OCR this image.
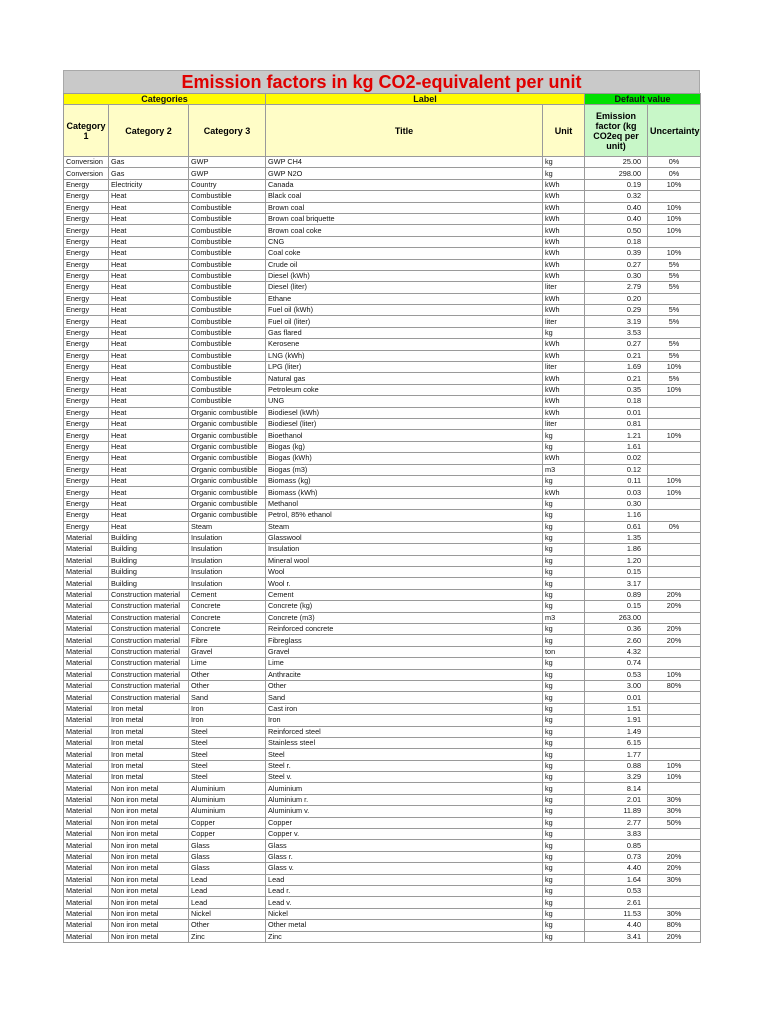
Emission factors in kg CO2-equivalent per unit
Categories			Label		Default value	
Category 1	Category 2	Category 3	Title	Unit	Emission factor (kg CO2eq per unit)	Uncertainty
Conversion	Gas	GWP	GWP CH4	kg	25.00	0%
Conversion	Gas	GWP	GWP N2O	kg	298.00	0%
Energy	Electricity	Country	Canada	kWh	0.19	10%
Energy	Heat	Combustible	Black coal	kWh	0.32	
Energy	Heat	Combustible	Brown coal	kWh	0.40	10%
Energy	Heat	Combustible	Brown coal briquette	kWh	0.40	10%
Energy	Heat	Combustible	Brown coal coke	kWh	0.50	10%
Energy	Heat	Combustible	CNG	kWh	0.18	
Energy	Heat	Combustible	Coal coke	kWh	0.39	10%
Energy	Heat	Combustible	Crude oil	kWh	0.27	5%
Energy	Heat	Combustible	Diesel (kWh)	kWh	0.30	5%
Energy	Heat	Combustible	Diesel (liter)	liter	2.79	5%
Energy	Heat	Combustible	Ethane	kWh	0.20	
Energy	Heat	Combustible	Fuel oil (kWh)	kWh	0.29	5%
Energy	Heat	Combustible	Fuel oil (liter)	liter	3.19	5%
Energy	Heat	Combustible	Gas flared	kg	3.53	
Energy	Heat	Combustible	Kerosene	kWh	0.27	5%
Energy	Heat	Combustible	LNG (kWh)	kWh	0.21	5%
Energy	Heat	Combustible	LPG (liter)	liter	1.69	10%
Energy	Heat	Combustible	Natural gas	kWh	0.21	5%
Energy	Heat	Combustible	Petroleum coke	kWh	0.35	10%
Energy	Heat	Combustible	UNG	kWh	0.18	
Energy	Heat	Organic combustible	Biodiesel (kWh)	kWh	0.01	
Energy	Heat	Organic combustible	Biodiesel (liter)	liter	0.81	
Energy	Heat	Organic combustible	Bioethanol	kg	1.21	10%
Energy	Heat	Organic combustible	Biogas (kg)	kg	1.61	
Energy	Heat	Organic combustible	Biogas (kWh)	kWh	0.02	
Energy	Heat	Organic combustible	Biogas (m3)	m3	0.12	
Energy	Heat	Organic combustible	Biomass (kg)	kg	0.11	10%
Energy	Heat	Organic combustible	Biomass (kWh)	kWh	0.03	10%
Energy	Heat	Organic combustible	Methanol	kg	0.30	
Energy	Heat	Organic combustible	Petrol, 85% ethanol	kg	1.16	
Energy	Heat	Steam	Steam	kg	0.61	0%
Material	Building	Insulation	Glasswool	kg	1.35	
Material	Building	Insulation	Insulation	kg	1.86	
Material	Building	Insulation	Mineral wool	kg	1.20	
Material	Building	Insulation	Wool	kg	0.15	
Material	Building	Insulation	Wool r.	kg	3.17	
Material	Construction material	Cement	Cement	kg	0.89	20%
Material	Construction material	Concrete	Concrete (kg)	kg	0.15	20%
Material	Construction material	Concrete	Concrete (m3)	m3	263.00	
Material	Construction material	Concrete	Reinforced concrete	kg	0.36	20%
Material	Construction material	Fibre	Fibreglass	kg	2.60	20%
Material	Construction material	Gravel	Gravel	ton	4.32	
Material	Construction material	Lime	Lime	kg	0.74	
Material	Construction material	Other	Anthracite	kg	0.53	10%
Material	Construction material	Other	Other	kg	3.00	80%
Material	Construction material	Sand	Sand	kg	0.01	
Material	Iron metal	Iron	Cast iron	kg	1.51	
Material	Iron metal	Iron	Iron	kg	1.91	
Material	Iron metal	Steel	Reinforced steel	kg	1.49	
Material	Iron metal	Steel	Stainless steel	kg	6.15	
Material	Iron metal	Steel	Steel	kg	1.77	
Material	Iron metal	Steel	Steel r.	kg	0.88	10%
Material	Iron metal	Steel	Steel v.	kg	3.29	10%
Material	Non iron metal	Aluminium	Aluminium	kg	8.14	
Material	Non iron metal	Aluminium	Aluminium r.	kg	2.01	30%
Material	Non iron metal	Aluminium	Aluminium v.	kg	11.89	30%
Material	Non iron metal	Copper	Copper	kg	2.77	50%
Material	Non iron metal	Copper	Copper v.	kg	3.83	
Material	Non iron metal	Glass	Glass	kg	0.85	
Material	Non iron metal	Glass	Glass r.	kg	0.73	20%
Material	Non iron metal	Glass	Glass v.	kg	4.40	20%
Material	Non iron metal	Lead	Lead	kg	1.64	30%
Material	Non iron metal	Lead	Lead r.	kg	0.53	
Material	Non iron metal	Lead	Lead v.	kg	2.61	
Material	Non iron metal	Nickel	Nickel	kg	11.53	30%
Material	Non iron metal	Other	Other metal	kg	4.40	80%
Material	Non iron metal	Zinc	Zinc	kg	3.41	20%
